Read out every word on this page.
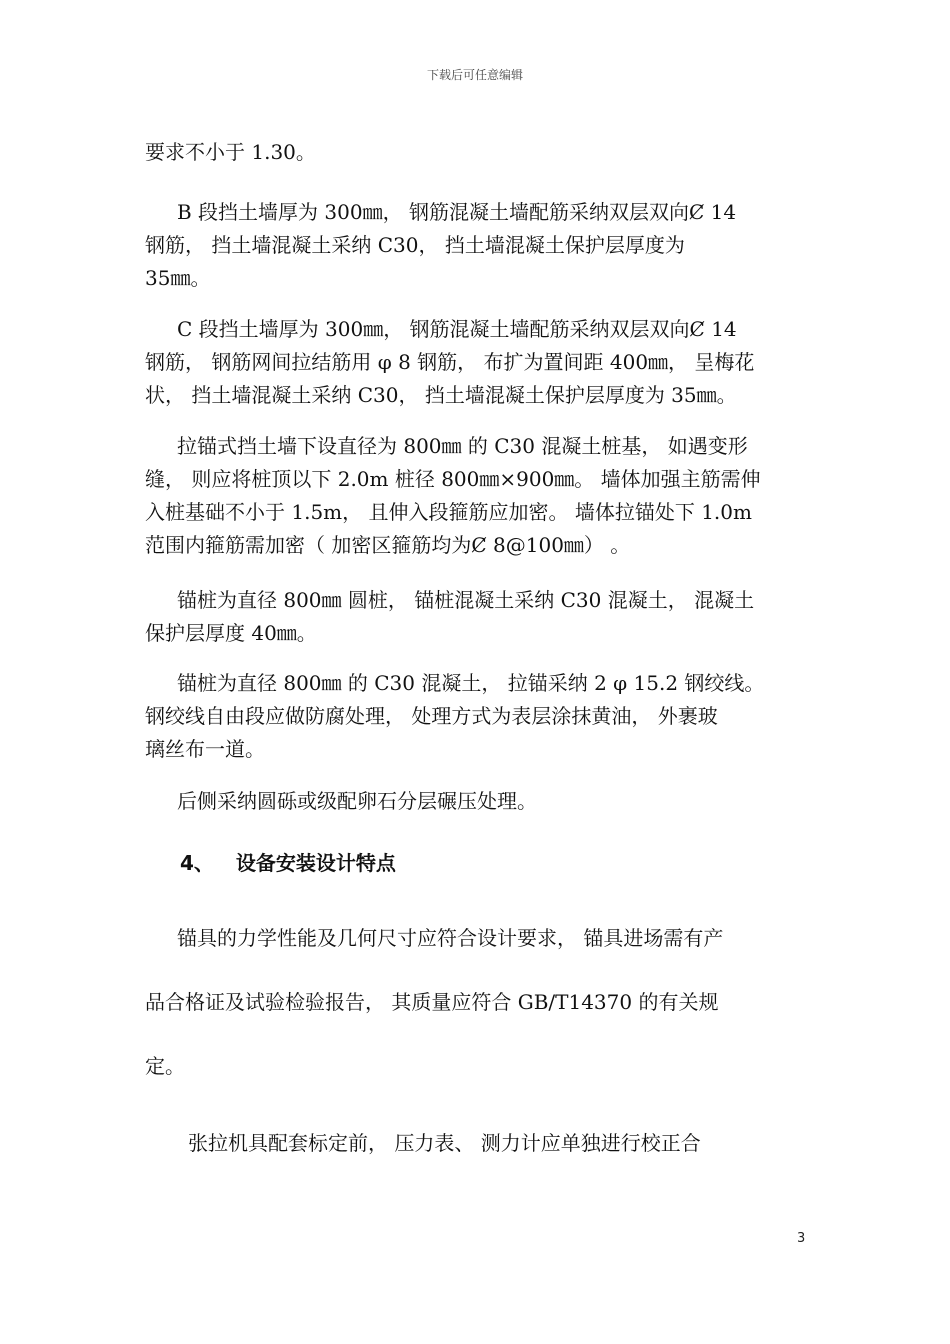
下载后可任意编辑
要求不小于 1.30。
B 段挡土墙厚为 300㎜， 钢筋混凝土墙配筋采纳双层双向Ȼ 14
钢筋， 挡土墙混凝土采纳 C30， 挡土墙混凝土保护层厚度为
35㎜。
C 段挡土墙厚为 300㎜， 钢筋混凝土墙配筋采纳双层双向Ȼ 14
钢筋， 钢筋网间拉结筋用 φ 8 钢筋， 布扩为置间距 400㎜， 呈梅花
状， 挡土墙混凝土采纳 C30， 挡土墙混凝土保护层厚度为 35㎜。
拉锚式挡土墙下设直径为 800㎜ 的 C30 混凝土桩基， 如遇变形
缝， 则应将桩顶以下 2.0m 桩径 800㎜×900㎜。 墙体加强主筋需伸
入桩基础不小于 1.5m， 且伸入段箍筋应加密。 墙体拉锚处下 1.0m
范围内箍筋需加密（ 加密区箍筋均为Ȼ 8@100㎜） 。
锚桩为直径 800㎜ 圆桩， 锚桩混凝土采纳 C30 混凝土， 混凝土
保护层厚度 40㎜。
锚桩为直径 800㎜ 的 C30 混凝土， 拉锚采纳 2 φ 15.2 钢绞线。
钢绞线自由段应做防腐处理， 处理方式为表层涂抹黄油， 外裹玻
璃丝布一道。
后侧采纳圆砾或级配卵石分层碾压处理。
4、 设备安装设计特点
锚具的力学性能及几何尺寸应符合设计要求， 锚具进场需有产
品合格证及试验检验报告， 其质量应符合 GB/T14370 的有关规
定。
张拉机具配套标定前， 压力表、 测力计应单独进行校正合
3
